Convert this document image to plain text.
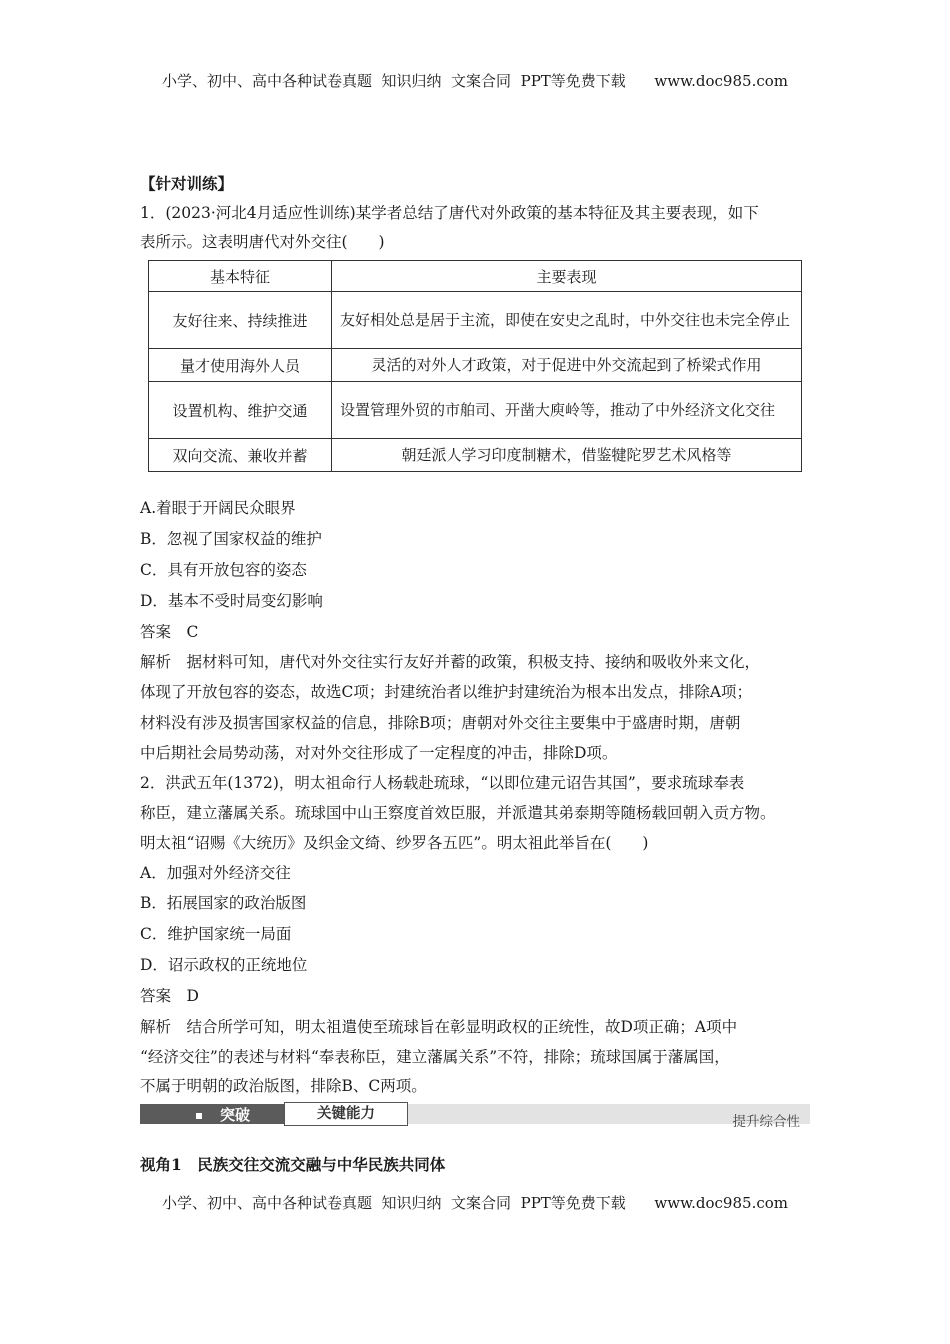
小学、初中、高中各种试卷真题  知识归纳  文案合同  PPT等免费下载      www.doc985.com
【针对训练】
1．(2023·河北4月适应性训练)某学者总结了唐代对外政策的基本特征及其主要表现，如下
表所示。这表明唐代对外交往(　　)
基本特征	主要表现
友好往来、持续推进	友好相处总是居于主流，即使在安史之乱时，中外交往也未完全停止
量才使用海外人员	灵活的对外人才政策，对于促进中外交流起到了桥梁式作用
设置机构、维护交通	设置管理外贸的市舶司、开凿大庾岭等，推动了中外经济文化交往
双向交流、兼收并蓄	朝廷派人学习印度制糖术，借鉴犍陀罗艺术风格等
A.着眼于开阔民众眼界
B．忽视了国家权益的维护
C．具有开放包容的姿态
D．基本不受时局变幻影响
答案　C
解析　据材料可知，唐代对外交往实行友好并蓄的政策，积极支持、接纳和吸收外来文化，
体现了开放包容的姿态，故选C项；封建统治者以维护封建统治为根本出发点，排除A项；
材料没有涉及损害国家权益的信息，排除B项；唐朝对外交往主要集中于盛唐时期，唐朝
中后期社会局势动荡，对对外交往形成了一定程度的冲击，排除D项。
2．洪武五年(1372)，明太祖命行人杨载赴琉球，“以即位建元诏告其国”，要求琉球奉表
称臣，建立藩属关系。琉球国中山王察度首效臣服，并派遣其弟泰期等随杨载回朝入贡方物。
明太祖“诏赐《大统历》及织金文绮、纱罗各五匹”。明太祖此举旨在(　　)
A．加强对外经济交往
B．拓展国家的政治版图
C．维护国家统一局面
D．诏示政权的正统地位
答案　D
解析　结合所学可知，明太祖遣使至琉球旨在彰显明政权的正统性，故D项正确；A项中
“经济交往”的表述与材料“奉表称臣，建立藩属关系”不符，排除；琉球国属于藩属国，
不属于明朝的政治版图，排除B、C两项。
突破	关键能力	提升综合性
视角1　民族交往交流交融与中华民族共同体
小学、初中、高中各种试卷真题  知识归纳  文案合同  PPT等免费下载      www.doc985.com
